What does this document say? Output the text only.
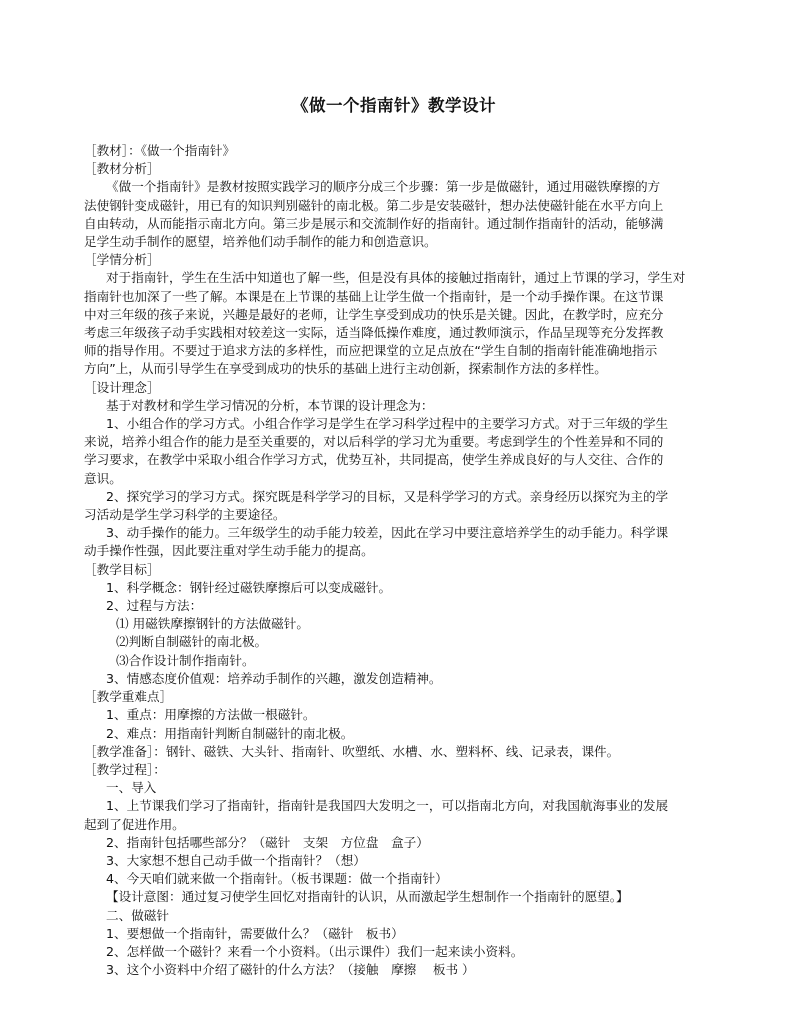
《做一个指南针》教学设计

［教材］：《做一个指南针》

［教材分析］

《做一个指南针》是教材按照实践学习的顺序分成三个步骤：第一步是做磁针，通过用磁铁摩擦的方

法使钢针变成磁针，用已有的知识判别磁针的南北极。第二步是安装磁针，想办法使磁针能在水平方向上

自由转动，从而能指示南北方向。第三步是展示和交流制作好的指南针。通过制作指南针的活动，能够满

足学生动手制作的愿望，培养他们动手制作的能力和创造意识。

［学情分析］

对于指南针，学生在生活中知道也了解一些，但是没有具体的接触过指南针，通过上节课的学习，学生对

指南针也加深了一些了解。本课是在上节课的基础上让学生做一个指南针，是一个动手操作课。在这节课

中对三年级的孩子来说，兴趣是最好的老师，让学生享受到成功的快乐是关键。因此，在教学时，应充分

考虑三年级孩子动手实践相对较差这一实际，适当降低操作难度，通过教师演示，作品呈现等充分发挥教

师的指导作用。不要过于追求方法的多样性，而应把课堂的立足点放在“学生自制的指南针能准确地指示

方向”上，从而引导学生在享受到成功的快乐的基础上进行主动创新，探索制作方法的多样性。

［设计理念］

基于对教材和学生学习情况的分析，本节课的设计理念为：

1、小组合作的学习方式。小组合作学习是学生在学习科学过程中的主要学习方式。对于三年级的学生

来说，培养小组合作的能力是至关重要的，对以后科学的学习尤为重要。考虑到学生的个性差异和不同的

学习要求，在教学中采取小组合作学习方式，优势互补，共同提高，使学生养成良好的与人交往、合作的

意识。

2、探究学习的学习方式。探究既是科学学习的目标，又是科学学习的方式。亲身经历以探究为主的学

习活动是学生学习科学的主要途径。

3、动手操作的能力。三年级学生的动手能力较差，因此在学习中要注意培养学生的动手能力。科学课

动手操作性强，因此要注重对学生动手能力的提高。

［教学目标］

1、科学概念：钢针经过磁铁摩擦后可以变成磁针。

2、过程与方法：

⑴ 用磁铁摩擦钢针的方法做磁针。

⑵判断自制磁针的南北极。

⑶合作设计制作指南针。

3、情感态度价值观：培养动手制作的兴趣，激发创造精神。

［教学重难点］

1、重点：用摩擦的方法做一根磁针。

2、难点：用指南针判断自制磁针的南北极。

［教学准备］：钢针、磁铁、大头针、指南针、吹塑纸、水槽、水、塑料杯、线、记录表，课件。

［教学过程］：

一、导入

1、上节课我们学习了指南针，指南针是我国四大发明之一，可以指南北方向，对我国航海事业的发展

起到了促进作用。

2、指南针包括哪些部分？（磁针　支架　方位盘　盒子）

3、大家想不想自己动手做一个指南针？（想）

4、今天咱们就来做一个指南针。（板书课题：做一个指南针）

【设计意图：通过复习使学生回忆对指南针的认识，从而激起学生想制作一个指南针的愿望。】

二、做磁针

1、要想做一个指南针，需要做什么？（磁针　板书）

2、怎样做一个磁针？来看一个小资料。（出示课件）我们一起来读小资料。

3、这个小资料中介绍了磁针的什么方法？（接触　摩擦　 板书 ）
